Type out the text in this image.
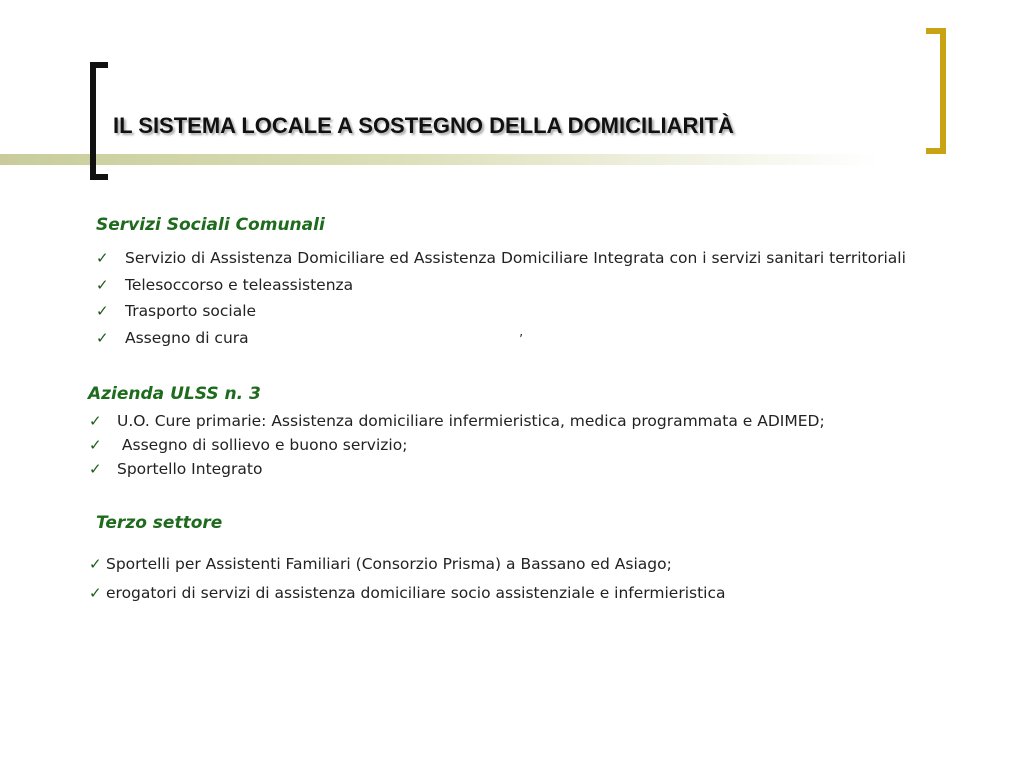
IL SISTEMA LOCALE A SOSTEGNO DELLA DOMICILIARITÀ
Servizi Sociali Comunali
✓ Servizio di Assistenza Domiciliare ed Assistenza Domiciliare Integrata con i servizi sanitari territoriali

✓ Telesoccorso e teleassistenza

✓ Trasporto sociale

✓ Assegno di cura	’
Azienda ULSS n. 3
✓ U.O. Cure primarie: Assistenza domiciliare infermieristica, medica programmata e ADIMED;

✓ Assegno di sollievo e buono servizio;

✓ Sportello Integrato

Terzo settore
✓ Sportelli per Assistenti Familiari (Consorzio Prisma) a Bassano ed Asiago;

✓ erogatori di servizi di assistenza domiciliare socio assistenziale e infermieristica
